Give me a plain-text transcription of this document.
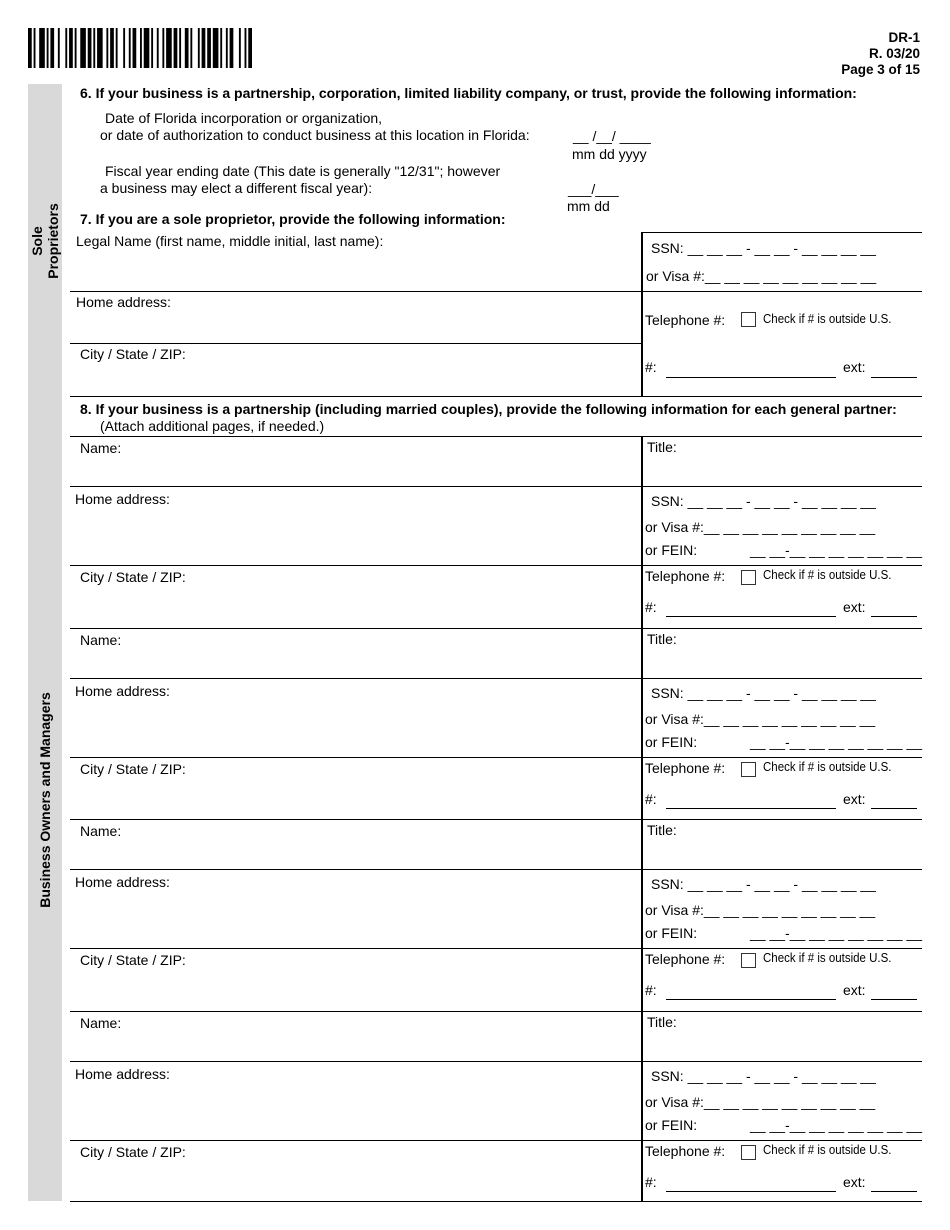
DR-1
R. 03/20
Page 3 of 15
Sole Proprietors
Business Owners and Managers
6. If your business is a partnership, corporation, limited liability company, or trust, provide the following information:
Date of Florida incorporation or organization,
or date of authorization to conduct business at this location in Florida:	__ /__/ ____
mm dd yyyy
Fiscal year ending date (This date is generally "12/31"; however
a business may elect a different fiscal year):	___/___
mm dd
7. If you are a sole proprietor, provide the following information:
Legal Name (first name, middle initial, last name):	SSN: __ __ __ - __ __ - __ __ __ __
or Visa #:__ __ __ __ __ __ __ __ __
Home address:
Telephone #:	Check if # is outside U.S.
City / State / ZIP:
#:	ext:
8. If your business is a partnership (including married couples), provide the following information for each general partner:
(Attach additional pages, if needed.)
Name:	Title:
Home address:	SSN: __ __ __ - __ __ - __ __ __ __
or Visa #:__ __ __ __ __ __ __ __ __
or FEIN:	__ __-__ __ __ __ __ __ __
City / State / ZIP:	Telephone #:	Check if # is outside U.S.
#:	ext:
Name:	Title:
Home address:	SSN: __ __ __ - __ __ - __ __ __ __
or Visa #:__ __ __ __ __ __ __ __ __
or FEIN:	__ __-__ __ __ __ __ __ __
City / State / ZIP:	Telephone #:	Check if # is outside U.S.
#:	ext:
Name:	Title:
Home address:	SSN: __ __ __ - __ __ - __ __ __ __
or Visa #:__ __ __ __ __ __ __ __ __
or FEIN:	__ __-__ __ __ __ __ __ __
City / State / ZIP:	Telephone #:	Check if # is outside U.S.
#:	ext:
Name:	Title:
Home address:	SSN: __ __ __ - __ __ - __ __ __ __
or Visa #:__ __ __ __ __ __ __ __ __
or FEIN:	__ __-__ __ __ __ __ __ __
City / State / ZIP:	Telephone #:	Check if # is outside U.S.
#:	ext:
